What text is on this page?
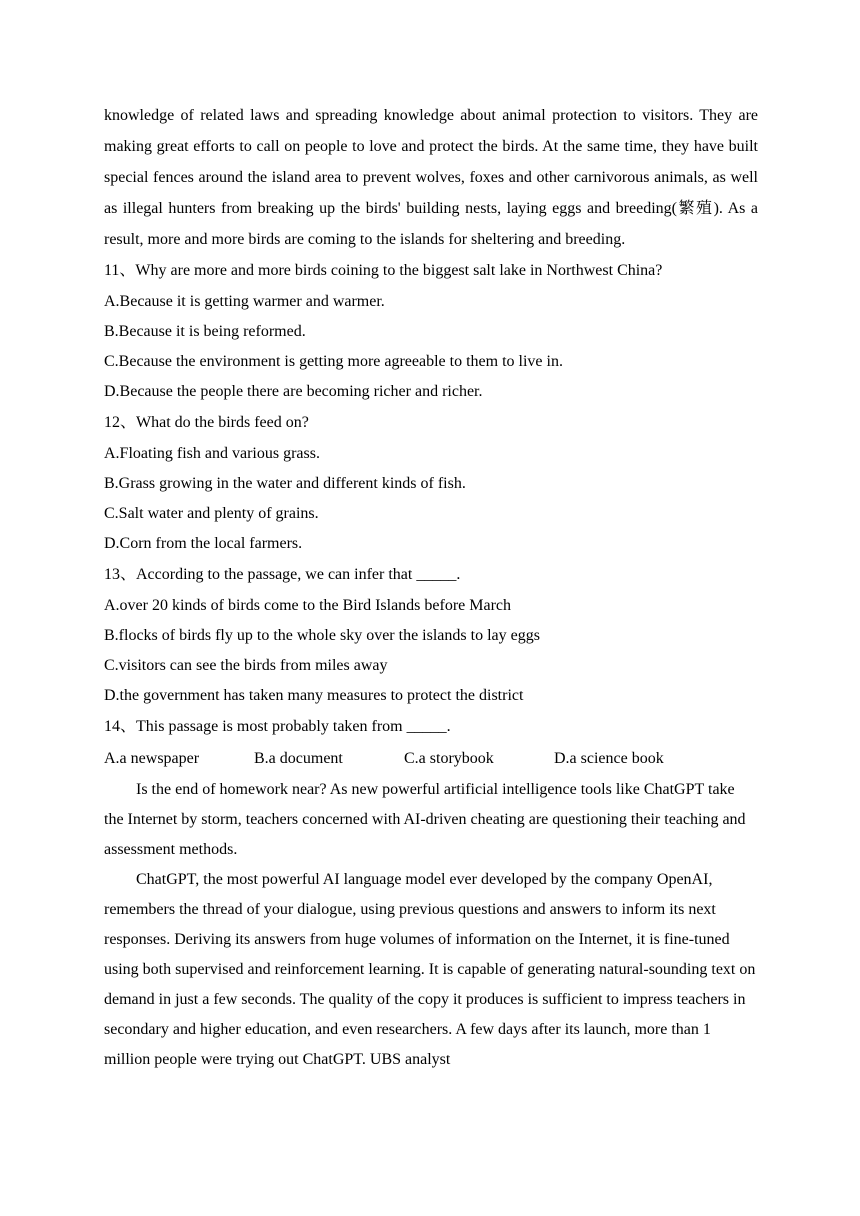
knowledge of related laws and spreading knowledge about animal protection to visitors. They are making great efforts to call on people to love and protect the birds. At the same time, they have built special fences around the island area to prevent wolves, foxes and other carnivorous animals, as well as illegal hunters from breaking up the birds' building nests, laying eggs and breeding(繁殖). As a result, more and more birds are coming to the islands for sheltering and breeding.

11、Why are more and more birds coining to the biggest salt lake in Northwest China?

A.Because it is getting warmer and warmer.

B.Because it is being reformed.

C.Because the environment is getting more agreeable to them to live in.

D.Because the people there are becoming richer and richer.

12、What do the birds feed on?

A.Floating fish and various grass.

B.Grass growing in the water and different kinds of fish.

C.Salt water and plenty of grains.

D.Corn from the local farmers.

13、According to the passage, we can infer that _____.

A.over 20 kinds of birds come to the Bird Islands before March

B.flocks of birds fly up to the whole sky over the islands to lay eggs

C.visitors can see the birds from miles away

D.the government has taken many measures to protect the district

14、This passage is most probably taken from _____.

A.a newspaper	B.a document	C.a storybook	D.a science book

Is the end of homework near? As new powerful artificial intelligence tools like ChatGPT take the Internet by storm, teachers concerned with AI-driven cheating are questioning their teaching and assessment methods.

ChatGPT, the most powerful AI language model ever developed by the company OpenAI, remembers the thread of your dialogue, using previous questions and answers to inform its next responses. Deriving its answers from huge volumes of information on the Internet, it is fine-tuned using both supervised and reinforcement learning. It is capable of generating natural-sounding text on demand in just a few seconds. The quality of the copy it produces is sufficient to impress teachers in secondary and higher education, and even researchers. A few days after its launch, more than 1 million people were trying out ChatGPT. UBS analyst
